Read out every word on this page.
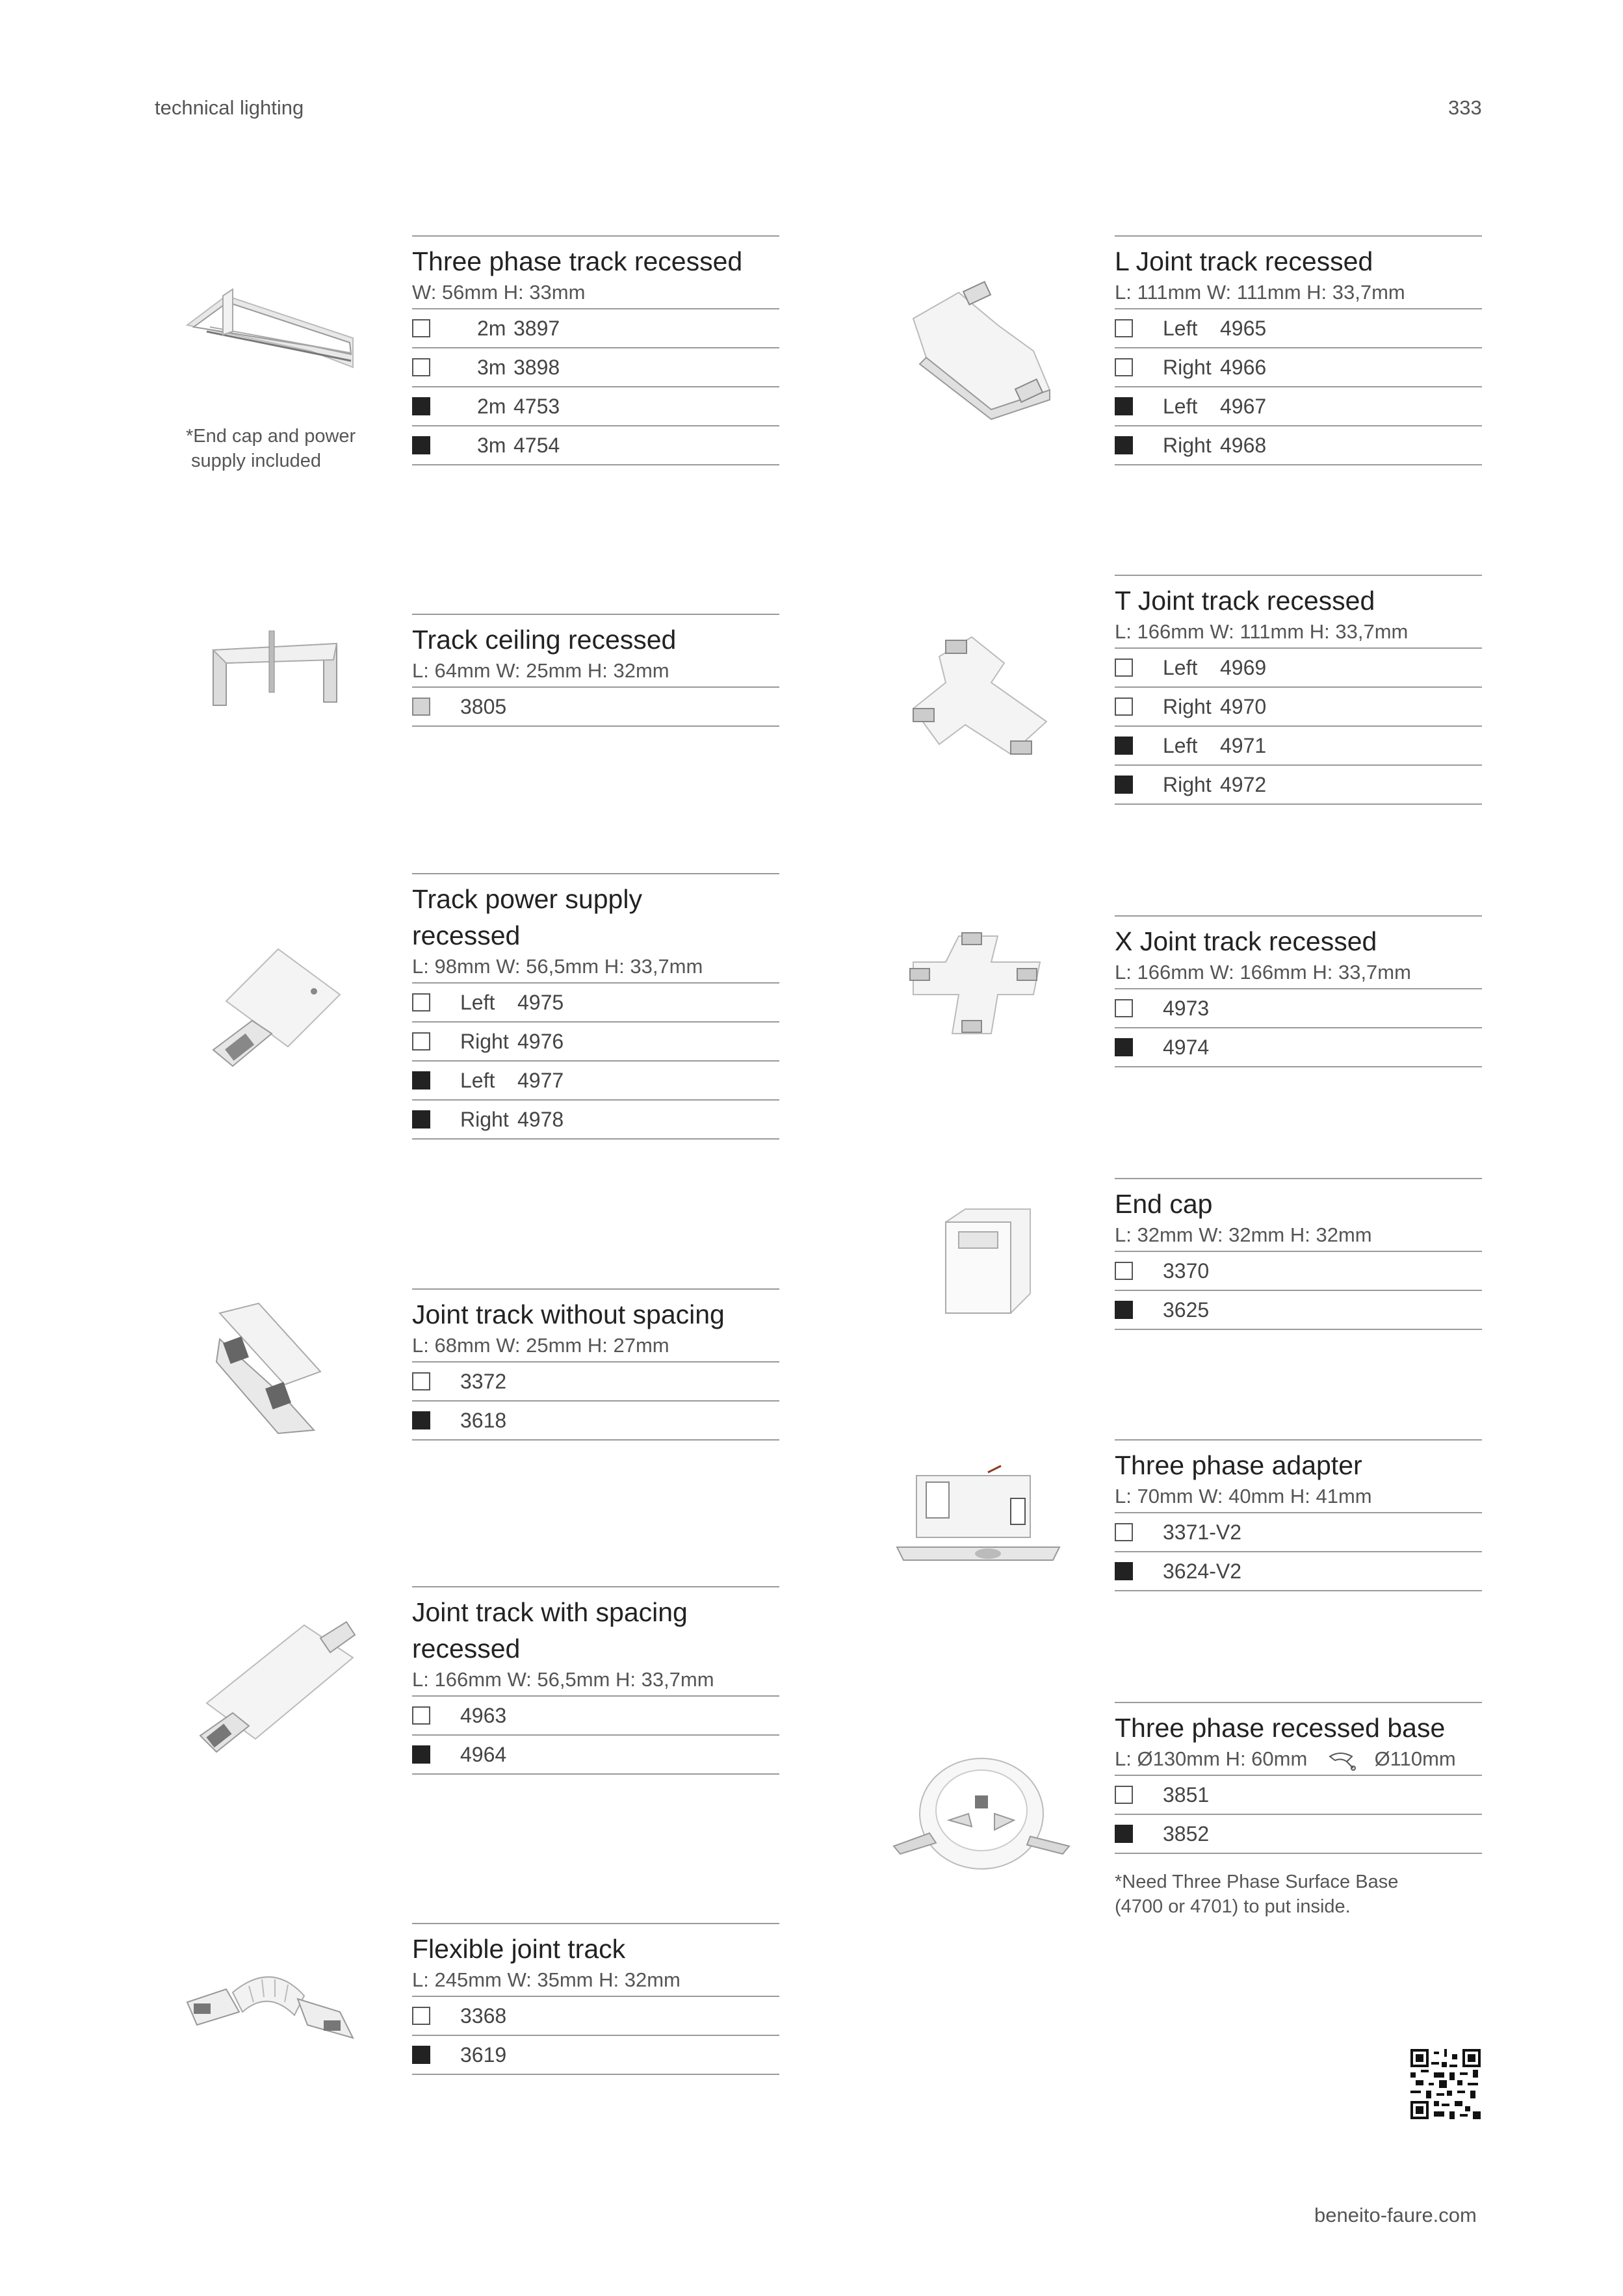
technical lighting	333
*End cap and power
supply included
Three phase track recessed
W: 56mm H: 33mm
2m 3897
3m 3898
2m 4753
3m 4754
Track ceiling recessed
L: 64mm W: 25mm H: 32mm
3805
Track power supply recessed
L: 98mm W: 56,5mm H: 33,7mm
Left	4975
Right 4976
Left	4977
Right 4978
Joint track without spacing
L: 68mm W: 25mm H: 27mm
3372
3618
Joint track with spacing recessed
L: 166mm W: 56,5mm H: 33,7mm
4963
4964
Flexible joint track
L: 245mm W: 35mm H: 32mm
3368
3619
L Joint track recessed
L: 111mm W: 111mm H: 33,7mm
Left	4965
Right 4966
Left	4967
Right 4968
T Joint track recessed
L: 166mm W: 111mm H: 33,7mm
Left	4969
Right 4970
Left	4971
Right 4972
X Joint track recessed
L: 166mm W: 166mm H: 33,7mm
4973
4974
End cap
L: 32mm W: 32mm H: 32mm
3370
3625
Three phase adapter
L: 70mm W: 40mm H: 41mm
3371-V2
3624-V2
Three phase recessed base
L: Ø130mm H: 60mm	Ø110mm
3851
3852
*Need Three Phase Surface Base
(4700 or 4701) to put inside.
beneito-faure.com
